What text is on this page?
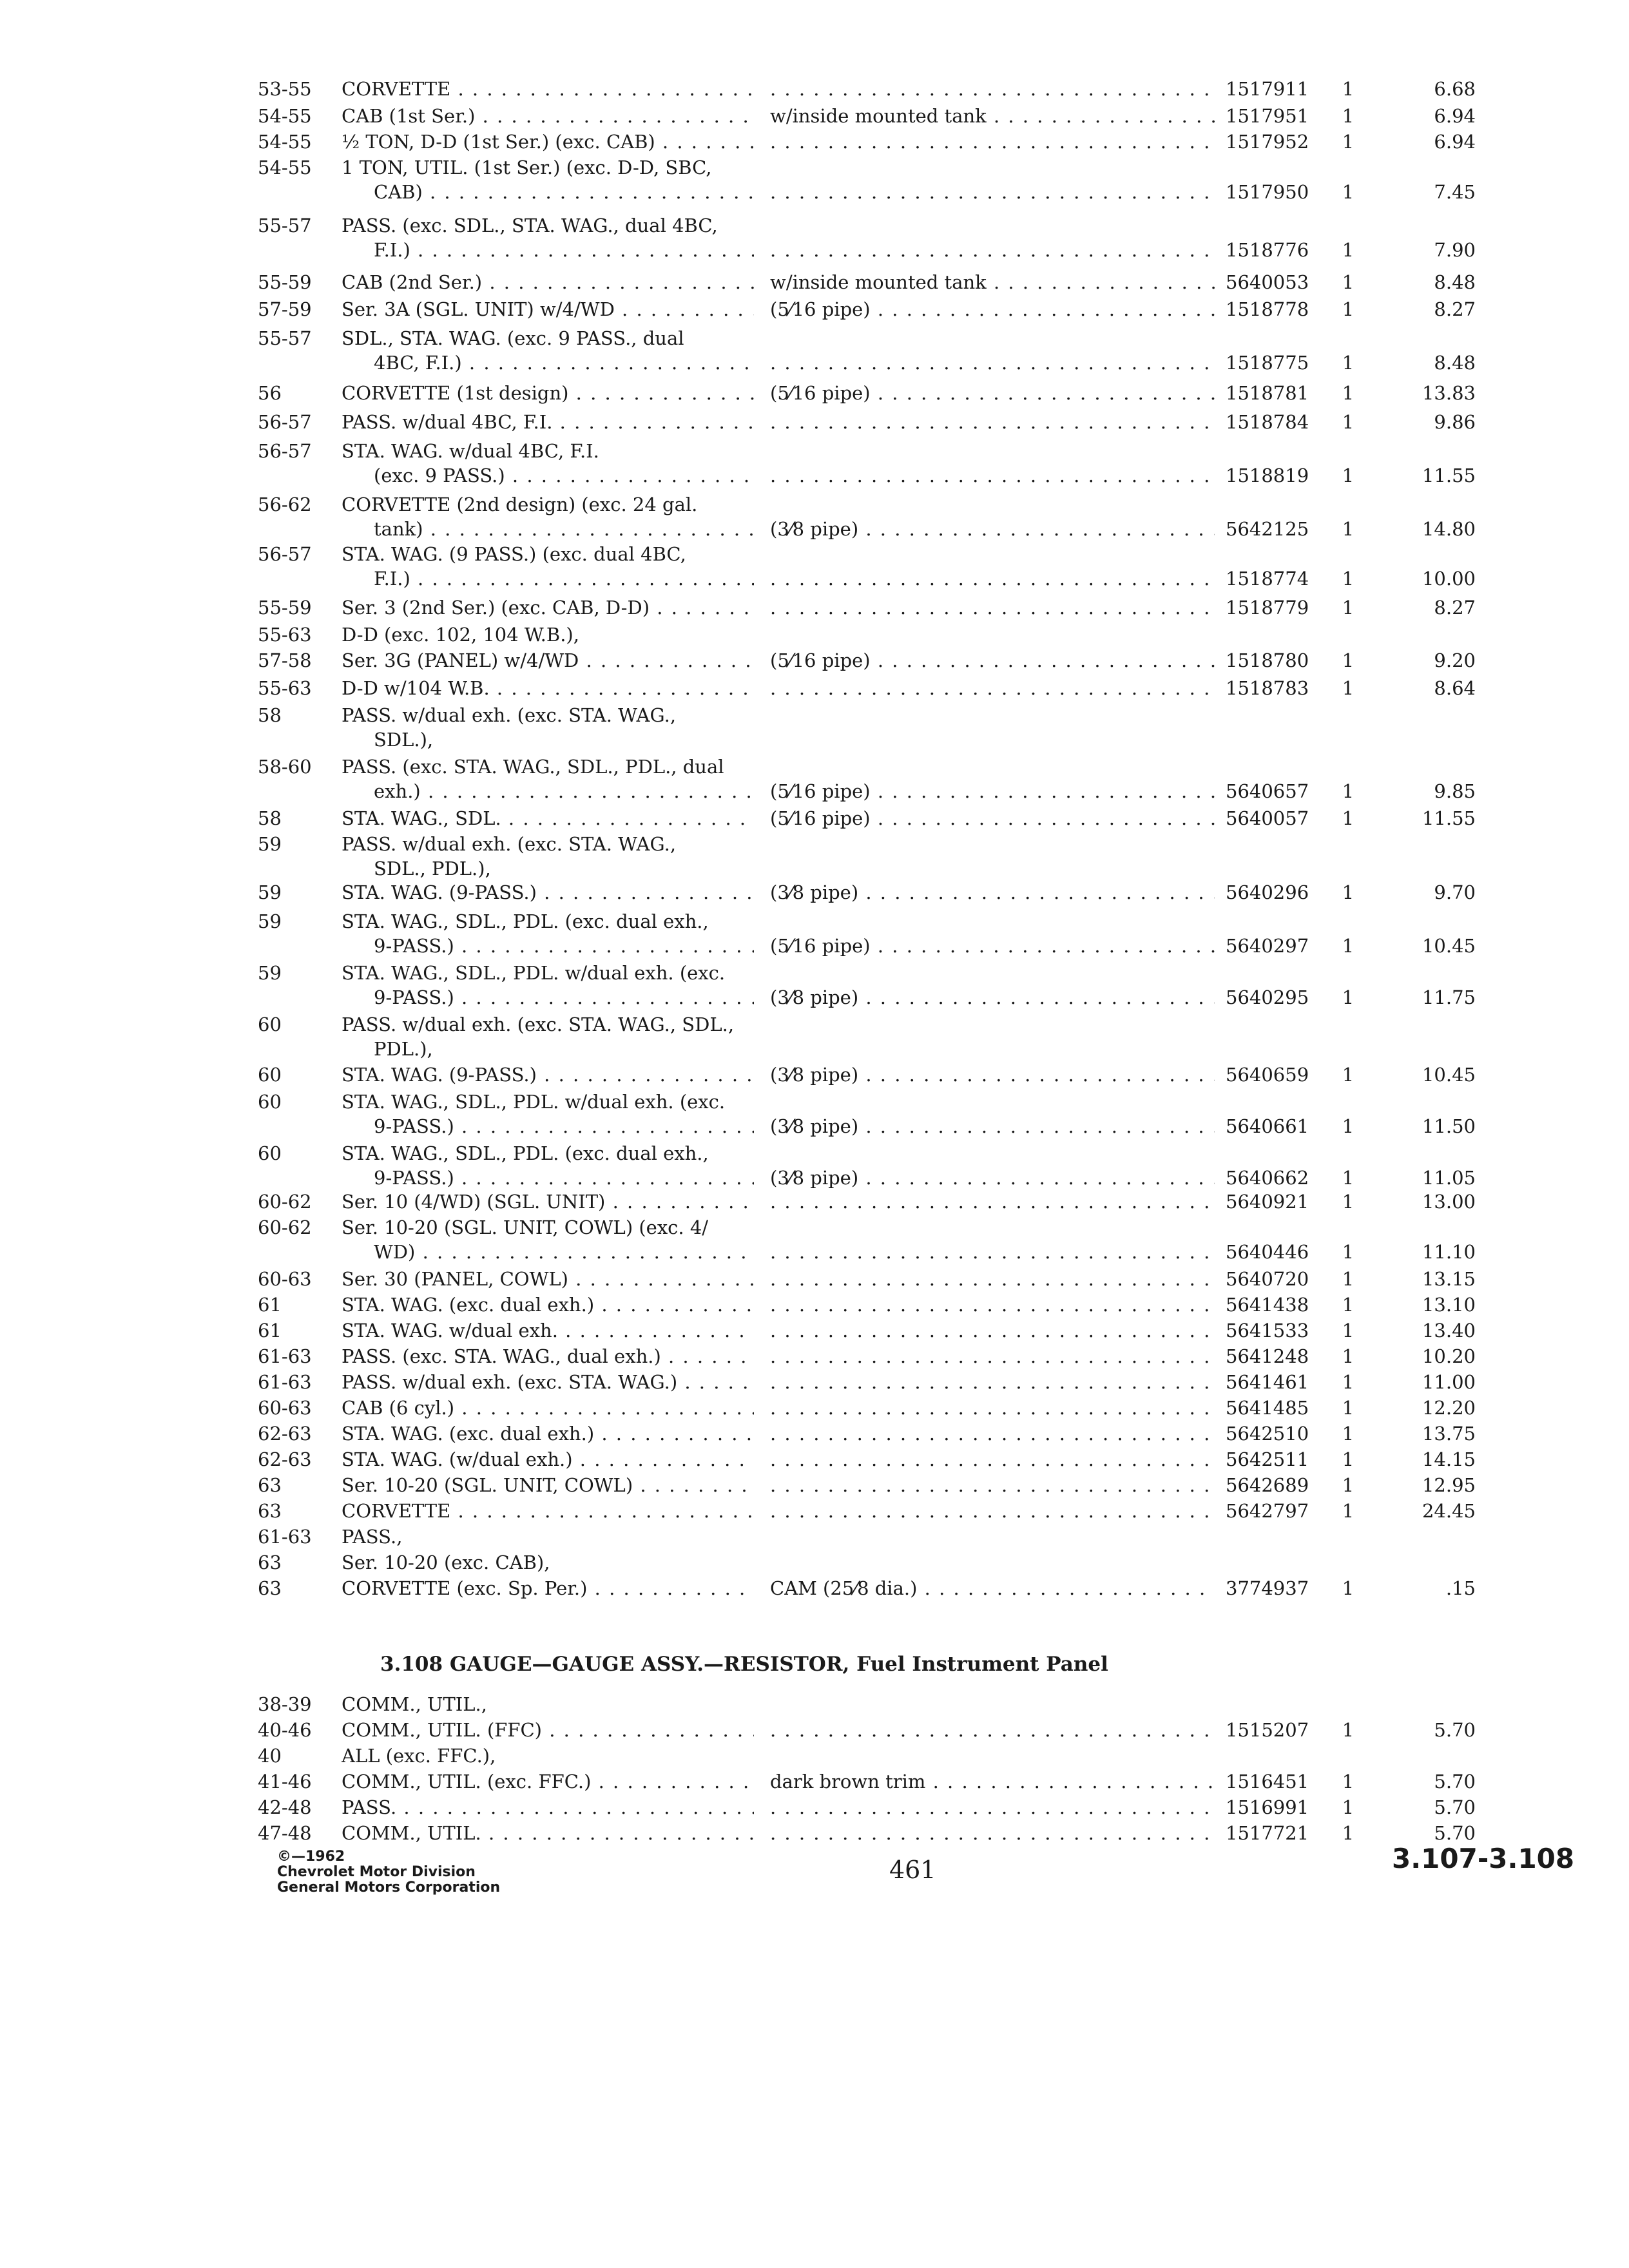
53-55	CORVETTE . . . . . .	1517911	1	6.68
54-55	CAB (1st Ser.) . . .	w/inside mounted tank . . .	1517951	1	6.94
54-55	½ TON, D-D (1st Ser.) (exc. CAB) . . . . . .	1517952	1	6.94
54-55	1 TON, UTIL. (1st Ser.) (exc. D-D, SBC,
CAB) . . . . . .	1517950	1	7.45
55-57	PASS. (exc. SDL., STA. WAG., dual 4BC,
F.I.) . . . . . .	1518776	1	7.90
55-59	CAB (2nd Ser.) . . .	w/inside mounted tank . . .	5640053	1	8.48
57-59	Ser. 3A (SGL. UNIT) w/4/WD . . .	(5⁄16 pipe) . . .	1518778	1	8.27
55-57	SDL., STA. WAG. (exc. 9 PASS., dual
4BC, F.I.) . . . . . .	1518775	1	8.48
56	CORVETTE (1st design) . . .	(5⁄16 pipe) . . .	1518781	1	13.83
56-57	PASS. w/dual 4BC, F.I. . . . . . .	1518784	1	9.86
56-57	STA. WAG. w/dual 4BC, F.I.
(exc. 9 PASS.) . . . . . .	1518819	1	11.55
56-62	CORVETTE (2nd design) (exc. 24 gal.
tank) . . .	(3⁄8 pipe) . . .	5642125	1	14.80
56-57	STA. WAG. (9 PASS.) (exc. dual 4BC,
F.I.) . . . . . .	1518774	1	10.00
55-59	Ser. 3 (2nd Ser.) (exc. CAB, D-D) . . . . . .	1518779	1	8.27
55-63	D-D (exc. 102, 104 W.B.),
57-58	Ser. 3G (PANEL) w/4/WD . . .	(5⁄16 pipe) . . .	1518780	1	9.20
55-63	D-D w/104 W.B. . . . . . .	1518783	1	8.64
58	PASS. w/dual exh. (exc. STA. WAG.,
SDL.),
58-60	PASS. (exc. STA. WAG., SDL., PDL., dual
exh.) . . .	(5⁄16 pipe) . . .	5640657	1	9.85
58	STA. WAG., SDL. . . .	(5⁄16 pipe) . . .	5640057	1	11.55
59	PASS. w/dual exh. (exc. STA. WAG.,
SDL., PDL.),
59	STA. WAG. (9-PASS.) . . .	(3⁄8 pipe) . . .	5640296	1	9.70
59	STA. WAG., SDL., PDL. (exc. dual exh.,
9-PASS.) . . .	(5⁄16 pipe) . . .	5640297	1	10.45
59	STA. WAG., SDL., PDL. w/dual exh. (exc.
9-PASS.) . . .	(3⁄8 pipe) . . .	5640295	1	11.75
60	PASS. w/dual exh. (exc. STA. WAG., SDL.,
PDL.),
60	STA. WAG. (9-PASS.) . . .	(3⁄8 pipe) . . .	5640659	1	10.45
60	STA. WAG., SDL., PDL. w/dual exh. (exc.
9-PASS.) . . .	(3⁄8 pipe) . . .	5640661	1	11.50
60	STA. WAG., SDL., PDL. (exc. dual exh.,
9-PASS.) . . .	(3⁄8 pipe) . . .	5640662	1	11.05
60-62	Ser. 10 (4/WD) (SGL. UNIT) . . . . . .	5640921	1	13.00
60-62	Ser. 10-20 (SGL. UNIT, COWL) (exc. 4/
WD) . . . . . .	5640446	1	11.10
60-63	Ser. 30 (PANEL, COWL) . . . . . .	5640720	1	13.15
61	STA. WAG. (exc. dual exh.) . . . . . .	5641438	1	13.10
61	STA. WAG. w/dual exh. . . . . . .	5641533	1	13.40
61-63	PASS. (exc. STA. WAG., dual exh.) . . . . . .	5641248	1	10.20
61-63	PASS. w/dual exh. (exc. STA. WAG.) . . . . . .	5641461	1	11.00
60-63	CAB (6 cyl.) . . . . . .	5641485	1	12.20
62-63	STA. WAG. (exc. dual exh.) . . . . . .	5642510	1	13.75
62-63	STA. WAG. (w/dual exh.) . . . . . .	5642511	1	14.15
63	Ser. 10-20 (SGL. UNIT, COWL) . . . . . .	5642689	1	12.95
63	CORVETTE . . . . . .	5642797	1	24.45
61-63	PASS.,
63	Ser. 10-20 (exc. CAB),
63	CORVETTE (exc. Sp. Per.) . . .	CAM (25⁄8 dia.) . . .	3774937	1	.15
3.108 GAUGE—GAUGE ASSY.—RESISTOR, Fuel Instrument Panel
38-39	COMM., UTIL.,
40-46	COMM., UTIL. (FFC) . . . . . .	1515207	1	5.70
40	ALL (exc. FFC.),
41-46	COMM., UTIL. (exc. FFC.) . . .	dark brown trim . . .	1516451	1	5.70
42-48	PASS. . . . . . .	1516991	1	5.70
47-48	COMM., UTIL. . . . . . .	1517721	1	5.70
©—1962
Chevrolet Motor Division
General Motors Corporation
461	3.107-3.108
